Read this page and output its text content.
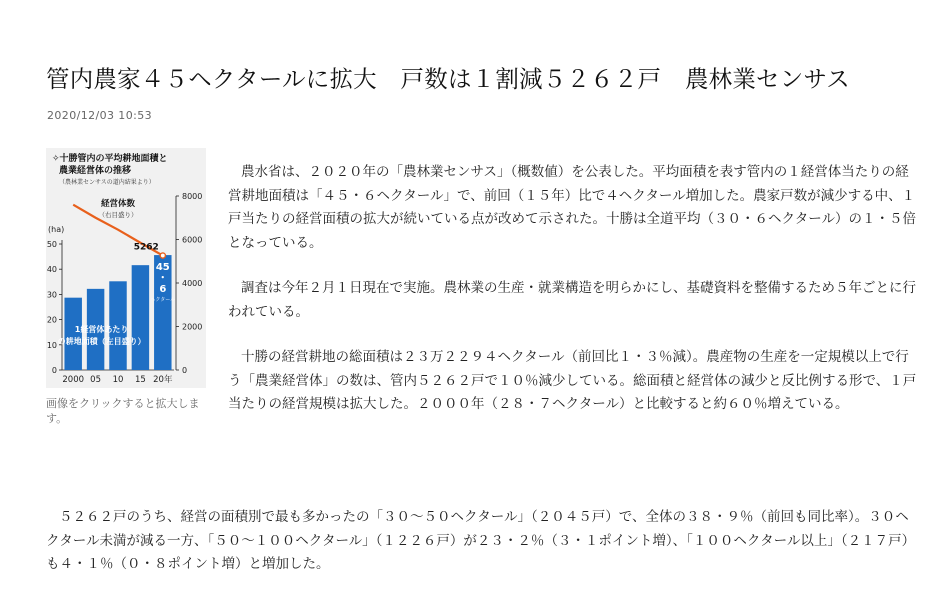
管内農家４５ヘクタールに拡大　戸数は１割減５２６２戸　農林業センサス
2020/12/03 10:53
✧十勝管内の平均耕地面積と
農業経営体の推移
（農林業センサスの道内結果より）
0
10
20
30
40
50
(ha)
0
2000
4000
6000
8000
2000 05 10 15 20年
1経営体あたり
の耕地面積（左目盛り）
45
・
6
ヘクタール
5262
経営体数
（右目盛り）
画像をクリックすると拡大します。

農水省は、２０２０年の「農林業センサス」（概数値）を公表した。平均面積を表す管内の１経営体当たりの経営耕地面積は「４５・６ヘクタール」で、前回（１５年）比で４ヘクタール増加した。農家戸数が減少する中、１戸当たりの経営面積の拡大が続いている点が改めて示された。十勝は全道平均（３０・６ヘクタール）の１・５倍となっている。

調査は今年２月１日現在で実施。農林業の生産・就業構造を明らかにし、基礎資料を整備するため５年ごとに行われている。

十勝の経営耕地の総面積は２３万２２９４ヘクタール（前回比１・３％減）。農産物の生産を一定規模以上で行う「農業経営体」の数は、管内５２６２戸で１０％減少している。総面積と経営体の減少と反比例する形で、１戸当たりの経営規模は拡大した。２０００年（２８・７ヘクタール）と比較すると約６０％増えている。

５２６２戸のうち、経営の面積別で最も多かったの「３０〜５０ヘクタール」（２０４５戸）で、全体の３８・９％（前回も同比率）。３０ヘクタール未満が減る一方、「５０〜１００ヘクタール」（１２２６戸）が２３・２％（３・１ポイント増）、「１００ヘクタール以上」（２１７戸）も４・１％（０・８ポイント増）と増加した。
